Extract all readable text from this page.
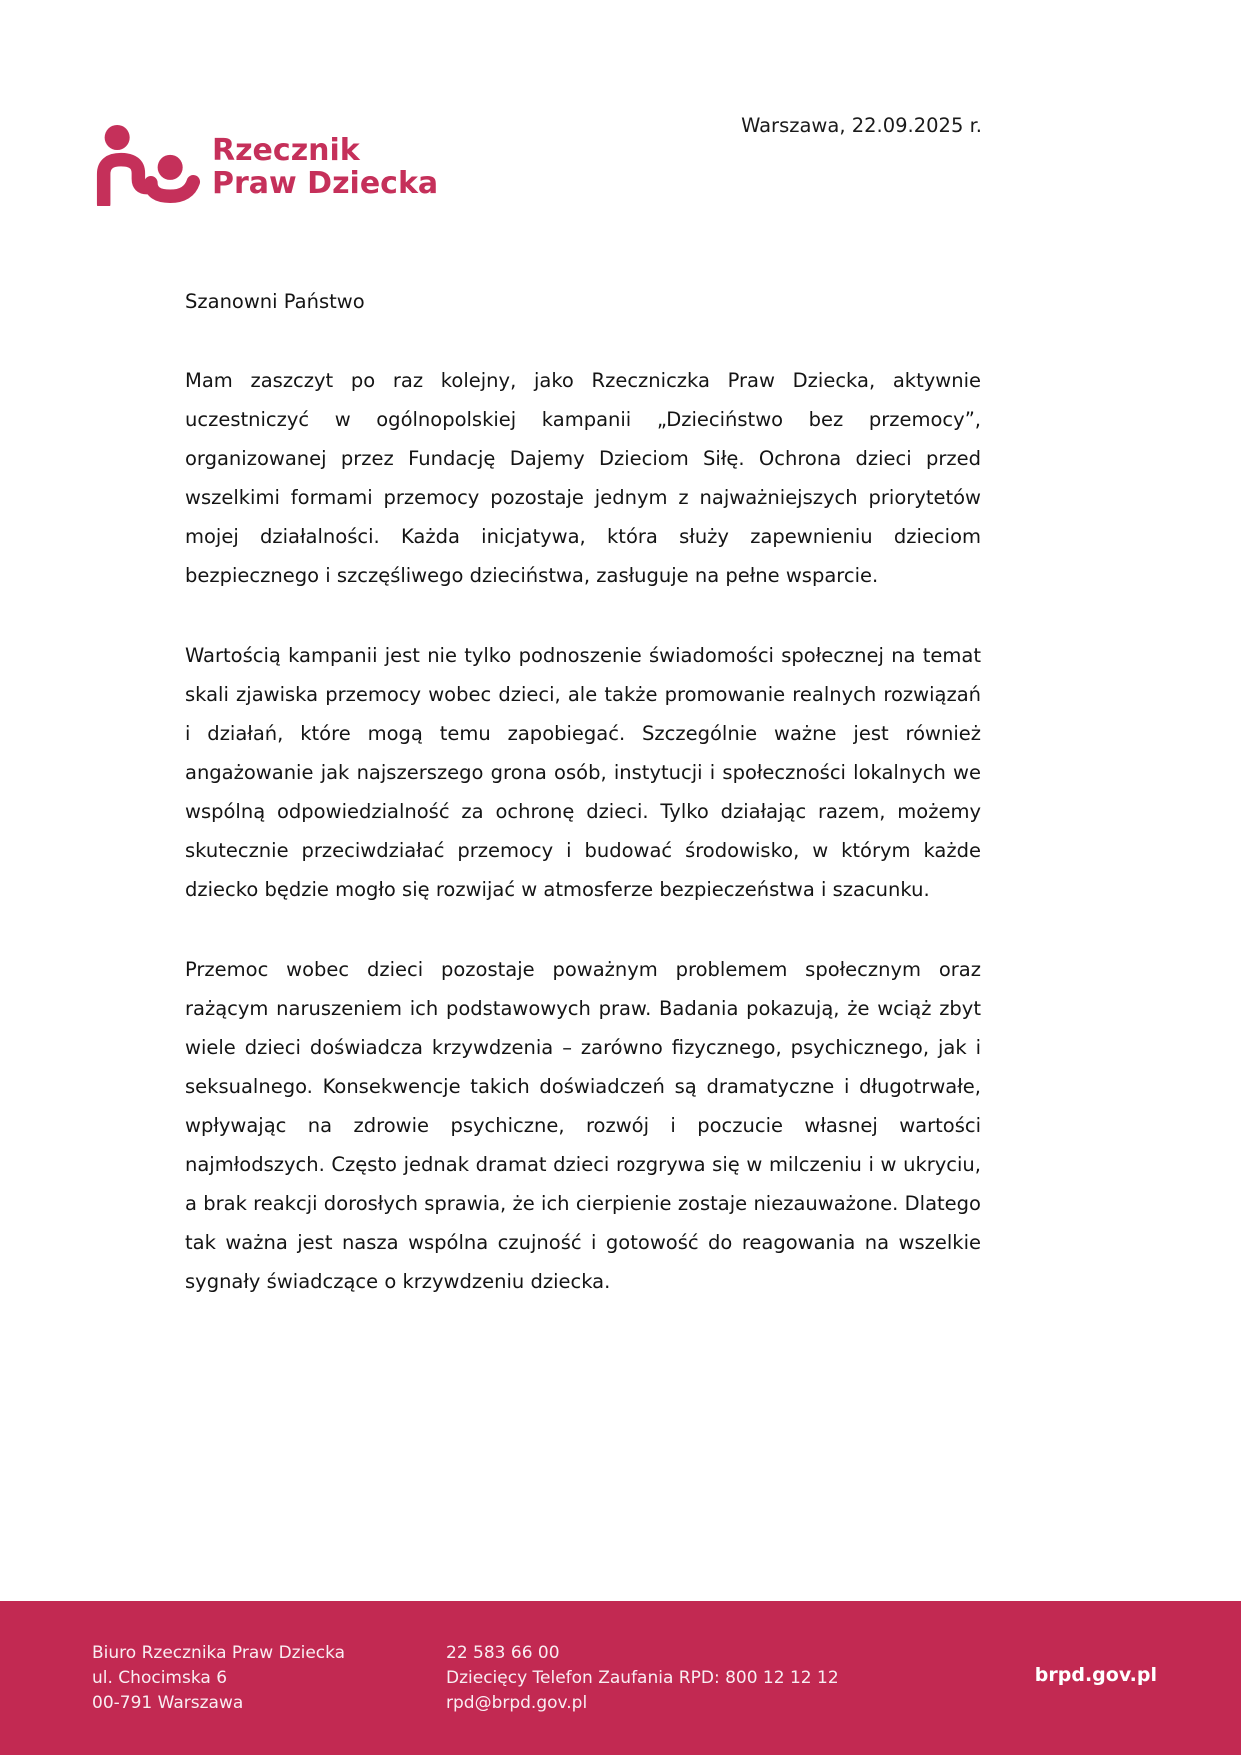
Rzecznik
Praw Dziecka
Warszawa, 22.09.2025 r.

Szanowni Państwo

Mam zaszczyt po raz kolejny, jako Rzeczniczka Praw Dziecka, aktywnie uczestniczyć w ogólnopolskiej kampanii „Dzieciństwo bez przemocy”, organizowanej przez Fundację Dajemy Dzieciom Siłę. Ochrona dzieci przed wszelkimi formami przemocy pozostaje jednym z najważniejszych priorytetów mojej działalności. Każda inicjatywa, która służy zapewnieniu dzieciom bezpiecznego i szczęśliwego dzieciństwa, zasługuje na pełne wsparcie.

Wartością kampanii jest nie tylko podnoszenie świadomości społecznej na temat skali zjawiska przemocy wobec dzieci, ale także promowanie realnych rozwiązań i działań, które mogą temu zapobiegać. Szczególnie ważne jest również angażowanie jak najszerszego grona osób, instytucji i społeczności lokalnych we wspólną odpowiedzialność za ochronę dzieci. Tylko działając razem, możemy skutecznie przeciwdziałać przemocy i budować środowisko, w którym każde dziecko będzie mogło się rozwijać w atmosferze bezpieczeństwa i szacunku.

Przemoc wobec dzieci pozostaje poważnym problemem społecznym oraz rażącym naruszeniem ich podstawowych praw. Badania pokazują, że wciąż zbyt wiele dzieci doświadcza krzywdzenia – zarówno fizycznego, psychicznego, jak i seksualnego. Konsekwencje takich doświadczeń są dramatyczne i długotrwałe, wpływając na zdrowie psychiczne, rozwój i poczucie własnej wartości najmłodszych. Często jednak dramat dzieci rozgrywa się w milczeniu i w ukryciu, a brak reakcji dorosłych sprawia, że ich cierpienie zostaje niezauważone. Dlatego tak ważna jest nasza wspólna czujność i gotowość do reagowania na wszelkie sygnały świadczące o krzywdzeniu dziecka.

Biuro Rzecznika Praw Dziecka
ul. Chocimska 6
00-791 Warszawa
22 583 66 00
Dziecięcy Telefon Zaufania RPD: 800 12 12 12
rpd@brpd.gov.pl
brpd.gov.pl
